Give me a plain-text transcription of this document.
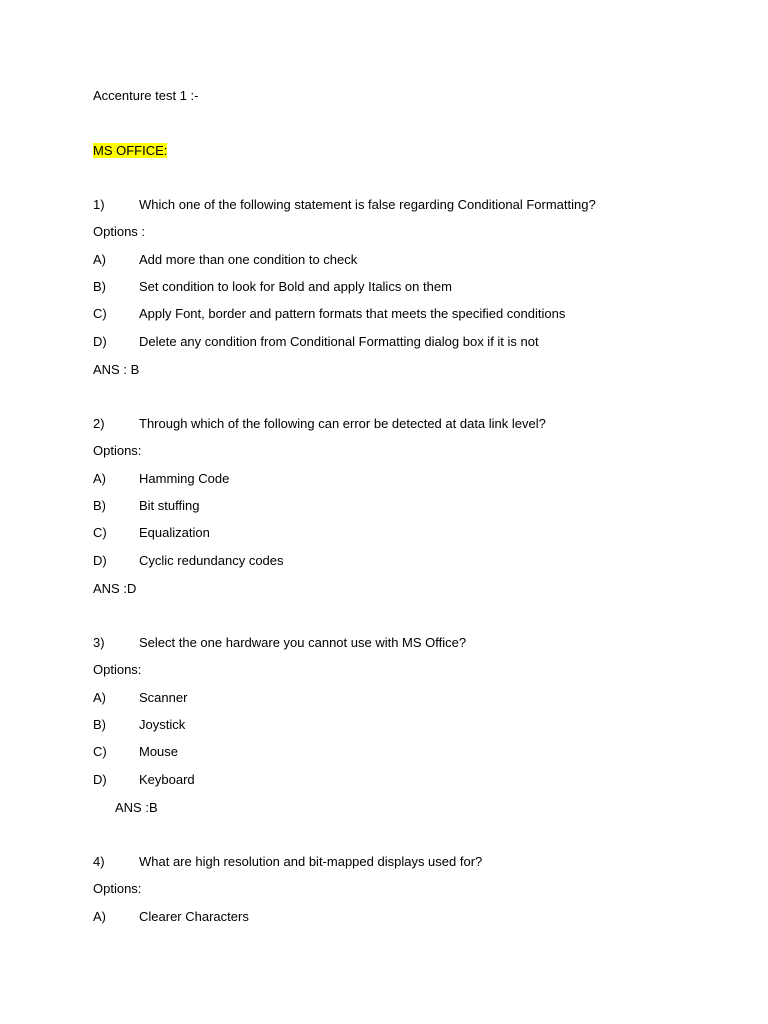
Accenture test 1 :-
MS OFFICE:
1)	Which one of the following statement is false regarding Conditional Formatting?
Options :
A)	Add more than one condition to check
B)	Set condition to look for Bold and apply Italics on them
C) Apply Font, border and pattern formats that meets the specified conditions
D) Delete any condition from Conditional Formatting dialog box if it is not
ANS : B
2)	Through which of the following can error be detected at data link level?
Options:
A)	Hamming Code
B)	Bit stuffing
C) Equalization
D) Cyclic redundancy codes
ANS :D
3)	Select the one hardware you cannot use with MS Office?
Options:
A)	Scanner
B)	Joystick
C) Mouse
D) Keyboard
ANS :B
4)	What are high resolution and bit-mapped displays used for?
Options:
A)	Clearer Characters
